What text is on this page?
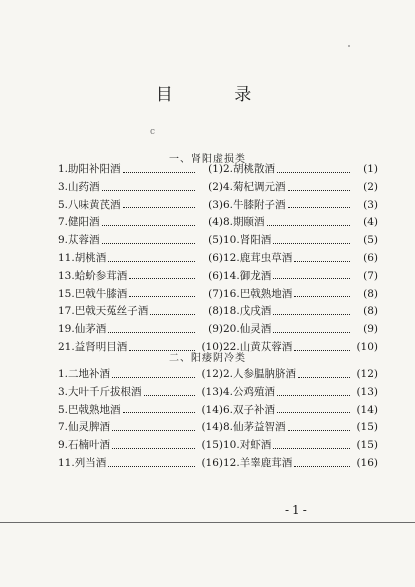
c
目 录
一、肾阳虚损类
1.助阳补阳酒	(1) 2.胡桃散酒	(1)
3.山药酒	(2) 4.菊杞调元酒	(2)
5.八味黄芪酒	(3) 6.牛膝附子酒	(3)
7.健阳酒	(4) 8.期颐酒	(4)
9.苁蓉酒	(5) 10.肾阳酒	(5)
11.胡桃酒	(6) 12.鹿茸虫草酒	(6)
13.蛤蚧参茸酒	(6) 14.御龙酒	(7)
15.巴戟牛膝酒	(7) 16.巴戟熟地酒	(8)
17.巴戟天菟丝子酒	(8) 18.戊戌酒	(8)
19.仙茅酒	(9) 20.仙灵酒	(9)
21.益肾明目酒	(10) 22.山黄苁蓉酒	(10)
二、阳痿阴冷类
1.二地补酒	(12) 2.人参腽肭脐酒	(12)
3.大叶千斤拔根酒	(13) 4.公鸡殖酒	(13)
5.巴戟熟地酒	(14) 6.双子补酒	(14)
7.仙灵脾酒	(14) 8.仙茅益智酒	(15)
9.石楠叶酒	(15) 10.对虾酒	(15)
11.列当酒	(16) 12.羊睾鹿茸酒	(16)
-1-
